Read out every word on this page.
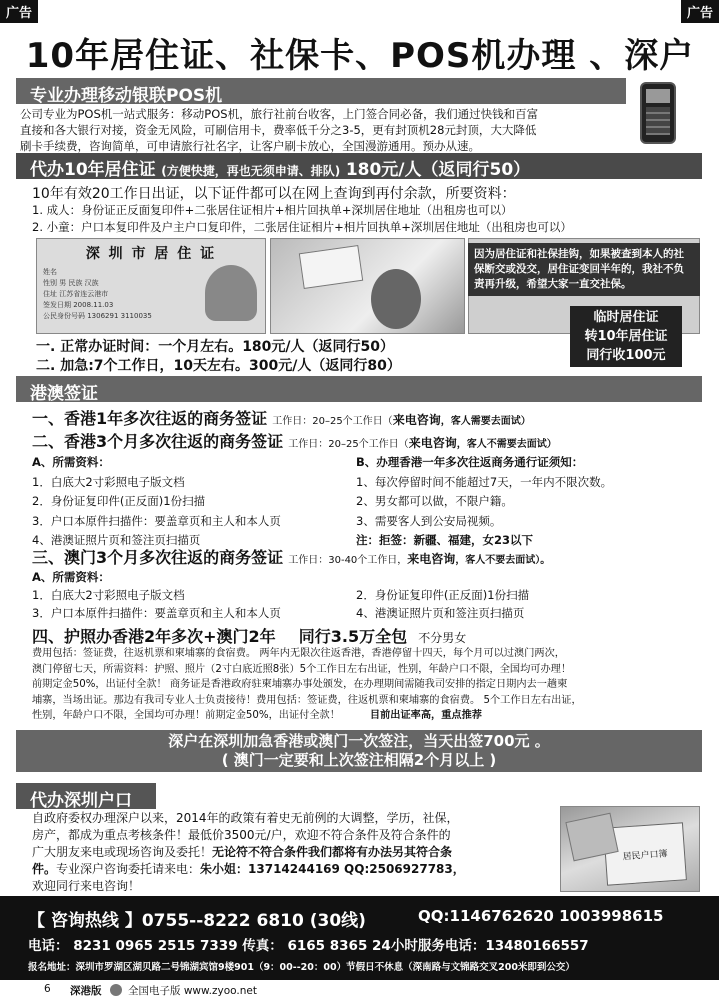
广告	广告
10年居住证、社保卡、POS机办理 、深户
专业办理移动银联POS机
公司专业为POS机一站式服务：移动POS机，旅行社前台收客，上门签合同必备，我们通过快钱和百富
直接和各大银行对接，资金无风险，可刷信用卡，费率低千分之3-5，更有封顶机28元封顶，大大降低
刷卡手续费，咨询简单，可申请旅行社名字，让客户刷卡放心，全国漫游通用。预办从速。
代办10年居住证 (方便快捷，再也无须申请、排队) 180元/人（返同行50）
10年有效20工作日出证，以下证件都可以在网上查询到再付余款，所要资料：
1. 成人：身份证正反面复印件+二张居住证相片+相片回执单+深圳居住地址（出租房也可以）
2. 小童：户口本复印件及户主户口复印件，二张居住证相片+相片回执单+深圳居住地址（出租房也可以）
深 圳 市 居 住 证
姓名
性别 男 民族 汉族
住址 江苏省连云港市
签发日期 2008.11.03
公民身份号码 1306291 3110035
因为居住证和社保挂钩，如果被查到本人的社保断交或没交，居住证变回半年的，我社不负责再升级，希望大家一直交社保。
临时居住证
转10年居住证
同行收100元
一. 正常办证时间：一个月左右。180元/人（返同行50）
二. 加急:7个工作日，10天左右。300元/人（返同行80）
港澳签证
一、香港1年多次往返的商务签证 工作日：20–25个工作日（来电咨询，客人需要去面试）
二、香港3个月多次往返的商务签证 工作日：20–25个工作日（来电咨询，客人不需要去面试）
A、所需资料：
1．白底大2寸彩照电子版文档
2．身份证复印件(正反面)1份扫描
3．户口本原件扫描件：要盖章页和主人和本人页
4、港澳证照片页和签注页扫描页
B、办理香港一年多次往返商务通行证须知：
1、每次停留时间不能超过7天，一年内不限次数。
2、男女都可以做，不限户籍。
3、需要客人到公安局视频。
注：拒签：新疆、福建，女23以下
三、澳门3个月多次往返的商务签证 工作日：30-40个工作日，来电咨询，客人不要去面试）。
A、所需资料：
1．白底大2寸彩照电子版文档
3．户口本原件扫描件：要盖章页和主人和本人页
2．身份证复印件(正反面)1份扫描
4、港澳证照片页和签注页扫描页
四、护照办香港2年多次+澳门2年 同行3.5万全包 不分男女
费用包括：签证费，往返机票和柬埔寨的食宿费。 两年内无限次往返香港，香港停留十四天，每个月可以过澳门两次，
澳门停留七天，所需资料：护照、照片（2寸白底近照8张）5个工作日左右出证，性别，年龄户口不限，全国均可办理！
前期定金50%，出证付全款！ 商务证是香港政府驻柬埔寨办事处颁发，在办理期间需随我司安排的指定日期内去一趟柬
埔寨，当场出证。那边有我司专业人士负责接待！费用包括：签证费，往返机票和柬埔寨的食宿费。 5个工作日左右出证，
性别，年龄户口不限，全国均可办理！前期定金50%，出证付全款！	目前出证率高，重点推荐
深户在深圳加急香港或澳门一次签注，当天出签700元 。
( 澳门一定要和上次签注相隔2个月以上 )
代办深圳户口
自政府委权办理深户以来，2014年的政策有着史无前例的大调整，学历，社保，
房产，都成为重点考核条件！最低价3500元/户，欢迎不符合条件及符合条件的
广大朋友来电或现场咨询及委托！无论符不符合条件我们都将有办法另其符合条
件。专业深户咨询委托请来电：朱小姐：13714244169 QQ:2506927783，
欢迎同行来电咨询！
居民户口簿
【 咨询热线 】0755--8222 6810 (30线)	QQ:1146762620 1003998615
电话： 8231 0965 2515 7339 传真： 6165 8365 24小时服务电话：13480166557
报名地址：深圳市罗湖区湖贝路二号锦湖宾馆9楼901（9：00--20：00）节假日不休息（深南路与文锦路交叉200米即到公交）
6 深港版	全国电子版 www.zyoo.net
